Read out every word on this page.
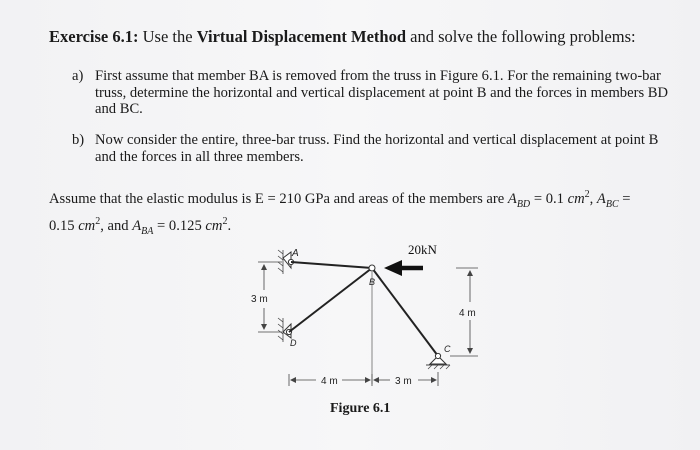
Exercise 6.1: Use the Virtual Displacement Method and solve the following problems:
a) First assume that member BA is removed from the truss in Figure 6.1. For the remaining two-bar truss, determine the horizontal and vertical displacement at point B and the forces in members BD and BC.
b) Now consider the entire, three-bar truss. Find the horizontal and vertical displacement at point B and the forces in all three members.
Assume that the elastic modulus is E = 210 GPa and areas of the members are $A_{BD} = 0.1$ $cm^2$, $A_{BC}$ =
0.15 $cm^2$, and $A_{BA} = 0.125$ $cm^2$.
3 m
4 m
4 m	3 m
A
B
C
D
20kN
Figure 6.1
